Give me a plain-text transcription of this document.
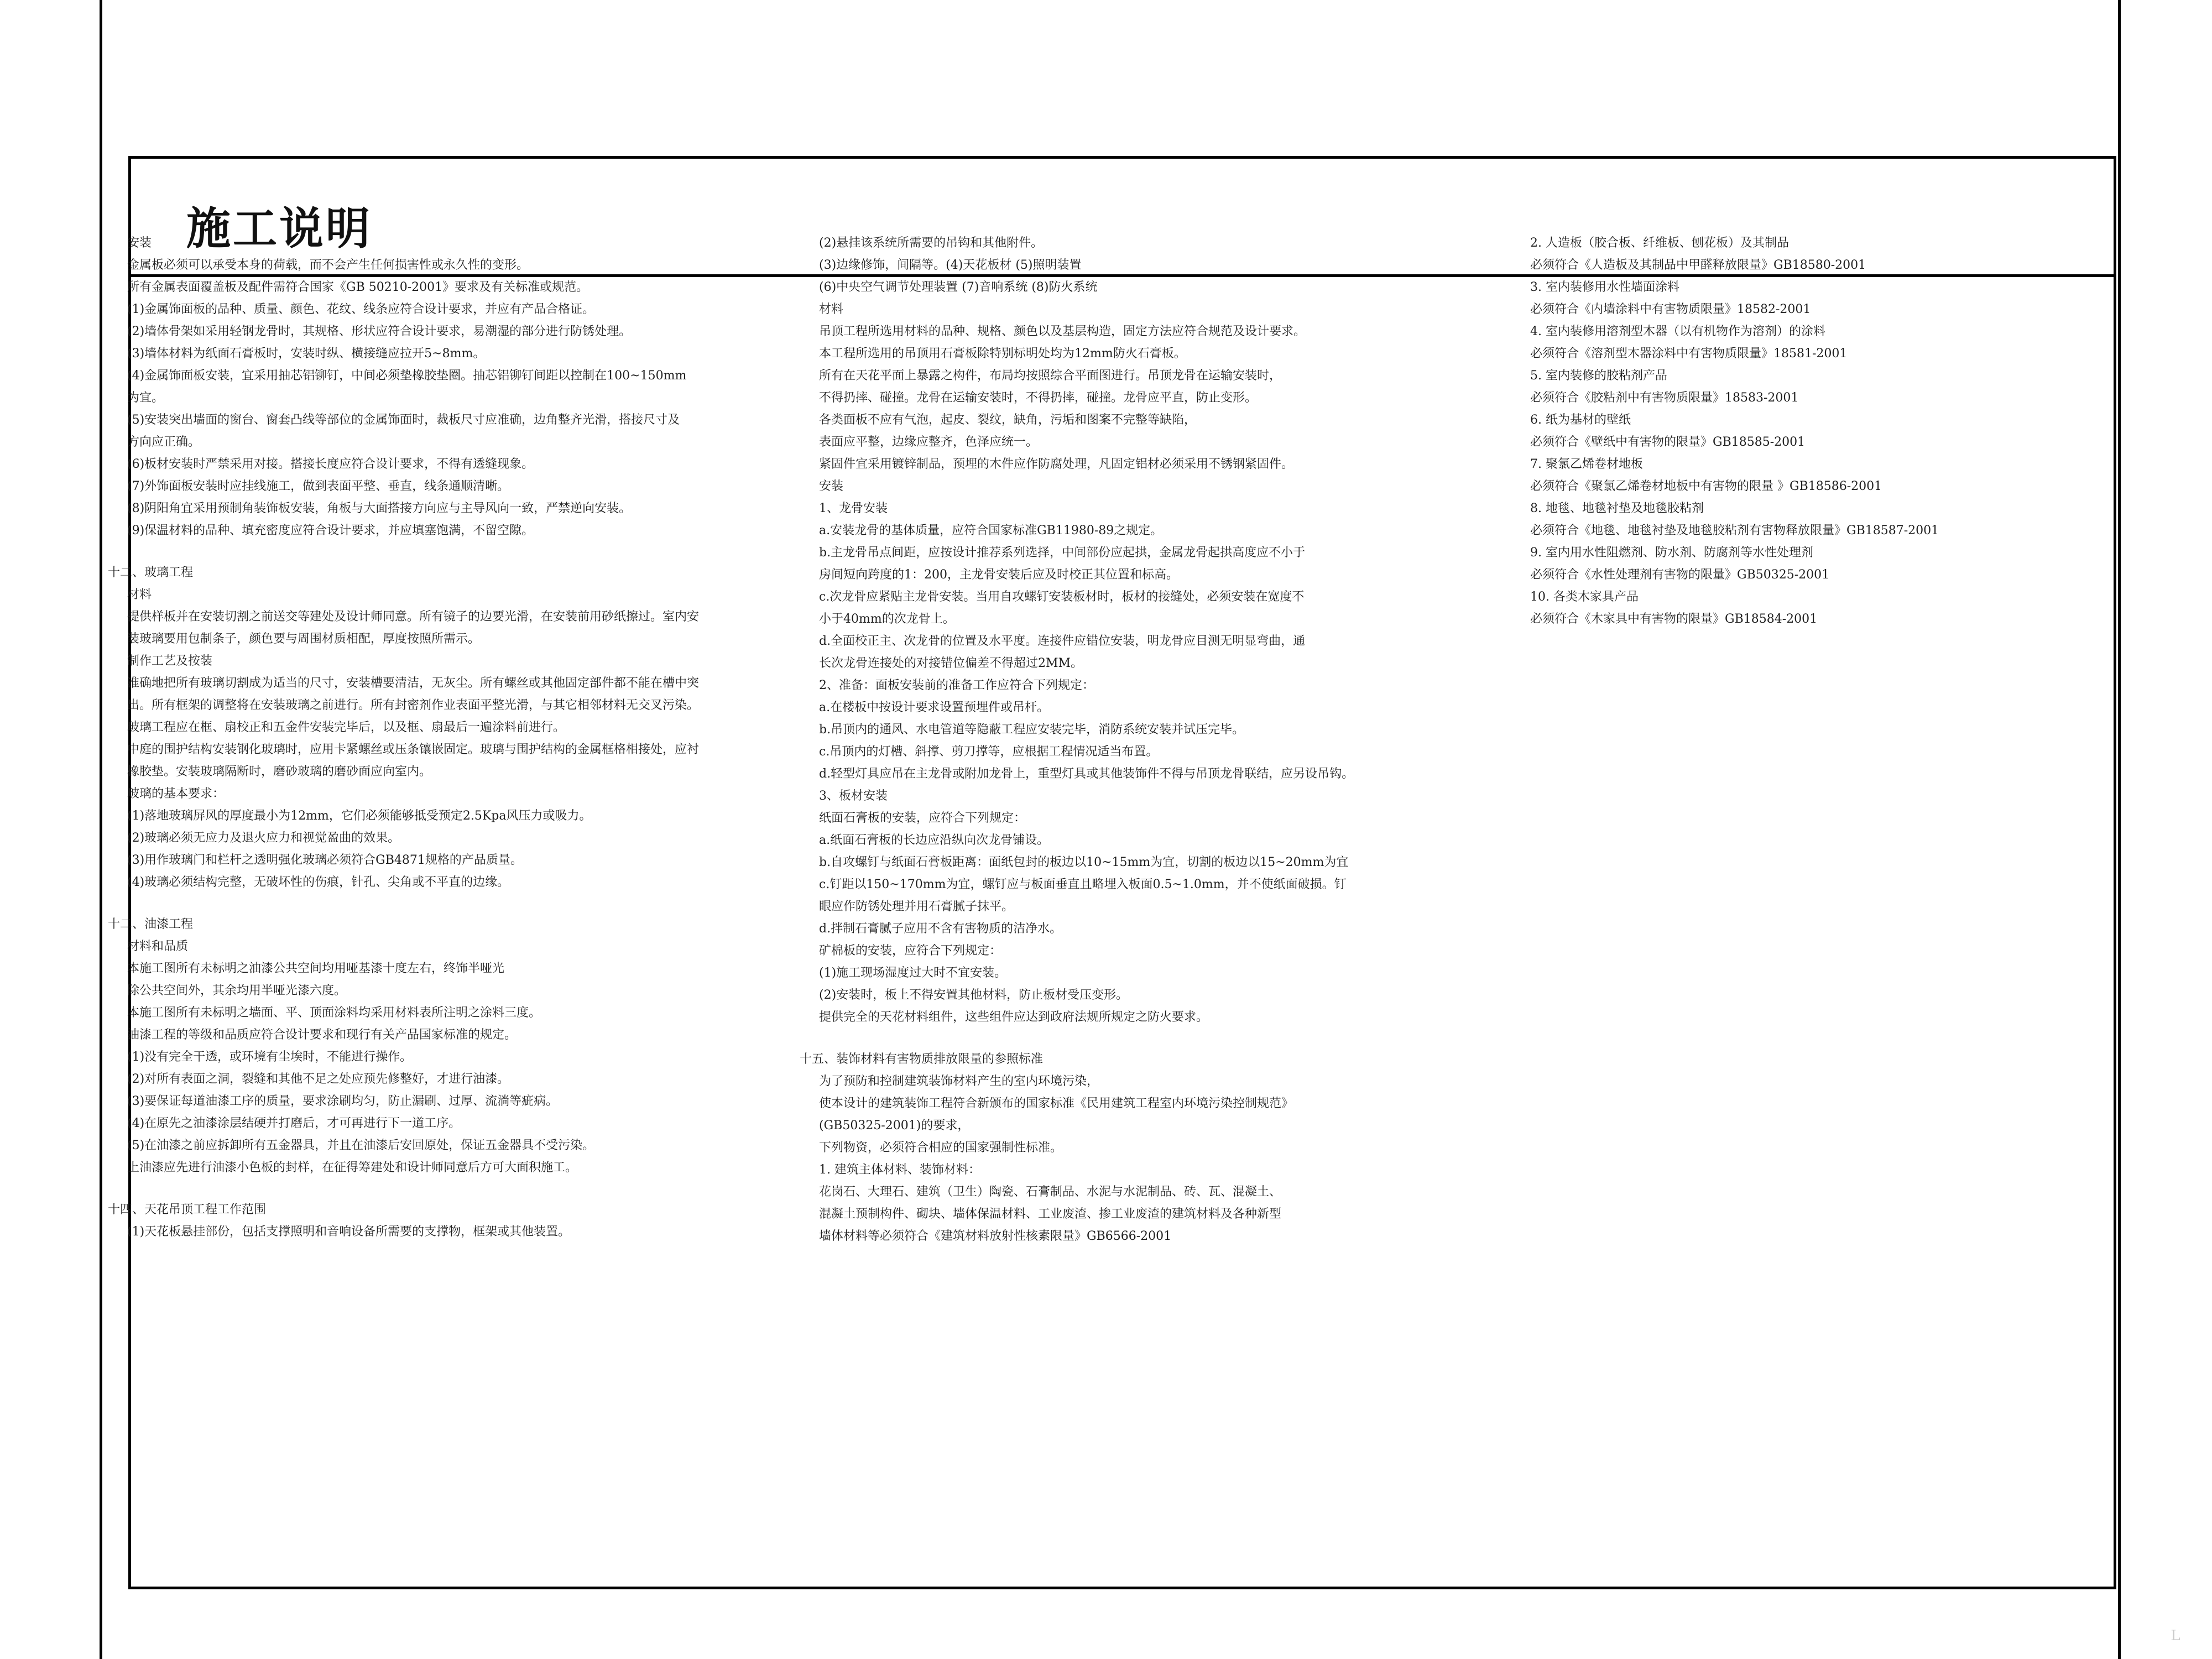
施工说明
安装
金属板必须可以承受本身的荷载，而不会产生任何损害性或永久性的变形。
所有金属表面覆盖板及配件需符合国家《GB 50210-2001》要求及有关标准或规范。
(1)金属饰面板的品种、质量、颜色、花纹、线条应符合设计要求，并应有产品合格证。
(2)墙体骨架如采用轻钢龙骨时，其规格、形状应符合设计要求，易潮湿的部分进行防锈处理。
(3)墙体材料为纸面石膏板时，安装时纵、横接缝应拉开5~8mm。
(4)金属饰面板安装，宜采用抽芯铝铆钉，中间必须垫橡胶垫圈。抽芯铝铆钉间距以控制在100~150mm
为宜。
(5)安装突出墙面的窗台、窗套凸线等部位的金属饰面时，裁板尺寸应准确，边角整齐光滑，搭接尺寸及
方向应正确。
(6)板材安装时严禁采用对接。搭接长度应符合设计要求，不得有透缝现象。
(7)外饰面板安装时应挂线施工，做到表面平整、垂直，线条通顺清晰。
(8)阴阳角宜采用预制角装饰板安装，角板与大面搭接方向应与主导风向一致，严禁逆向安装。
(9)保温材料的品种、填充密度应符合设计要求，并应填塞饱满，不留空隙。
十二、玻璃工程
材料
提供样板并在安装切割之前送交等建处及设计师同意。所有镜子的边要光滑，在安装前用砂纸擦过。室内安
装玻璃要用包制条子，颜色要与周围材质相配，厚度按照所需示。
制作工艺及按装
准确地把所有玻璃切割成为适当的尺寸，安装槽要清洁，无灰尘。所有螺丝或其他固定部件都不能在槽中突
出。所有框架的调整将在安装玻璃之前进行。所有封密剂作业表面平整光滑，与其它相邻材料无交叉污染。
玻璃工程应在框、扇校正和五金件安装完毕后，以及框、扇最后一遍涂料前进行。
中庭的围护结构安装钢化玻璃时，应用卡紧螺丝或压条镶嵌固定。玻璃与围护结构的金属框格相接处，应衬
橡胶垫。安装玻璃隔断时，磨砂玻璃的磨砂面应向室内。
玻璃的基本要求：
(1)落地玻璃屏风的厚度最小为12mm，它们必须能够抵受预定2.5Kpa风压力或吸力。
(2)玻璃必须无应力及退火应力和视觉盈曲的效果。
(3)用作玻璃门和栏杆之透明强化玻璃必须符合GB4871规格的产品质量。
(4)玻璃必须结构完整，无破坏性的伤痕，针孔、尖角或不平直的边缘。
十二、油漆工程
材料和品质
本施工图所有未标明之油漆公共空间均用哑基漆十度左右，终饰半哑光
除公共空间外，其余均用半哑光漆六度。
本施工图所有未标明之墙面、平、顶面涂料均采用材料表所注明之涂料三度。
油漆工程的等级和品质应符合设计要求和现行有关产品国家标准的规定。
(1)没有完全干透，或环境有尘埃时，不能进行操作。
(2)对所有表面之洞，裂缝和其他不足之处应预先修整好，才进行油漆。
(3)要保证每道油漆工序的质量，要求涂刷均匀，防止漏刷、过厚、流淌等疵病。
(4)在原先之油漆涂层结硬并打磨后，才可再进行下一道工序。
(5)在油漆之前应拆卸所有五金器具，并且在油漆后安回原处，保证五金器具不受污染。
上油漆应先进行油漆小色板的封样，在征得筹建处和设计师同意后方可大面积施工。
十四、天花吊顶工程工作范围
(1)天花板悬挂部份，包括支撑照明和音响设备所需要的支撑物，框架或其他装置。
(2)悬挂该系统所需要的吊钩和其他附件。
(3)边缘修饰，间隔等。(4)天花板材 (5)照明装置
(6)中央空气调节处理装置 (7)音响系统 (8)防火系统
材料
吊顶工程所选用材料的品种、规格、颜色以及基层构造，固定方法应符合规范及设计要求。
本工程所选用的吊顶用石膏板除特别标明处均为12mm防火石膏板。
所有在天花平面上暴露之构件，布局均按照综合平面图进行。吊顶龙骨在运输安装时，
不得扔摔、碰撞。龙骨在运输安装时，不得扔摔，碰撞。龙骨应平直，防止变形。
各类面板不应有气泡，起皮、裂纹，缺角，污垢和图案不完整等缺陷，
表面应平整，边缘应整齐，色泽应统一。
紧固件宜采用镀锌制品，预埋的木件应作防腐处理，凡固定铝材必须采用不锈钢紧固件。
安装
1、龙骨安装
a.安装龙骨的基体质量，应符合国家标准GB11980-89之规定。
b.主龙骨吊点间距，应按设计推荐系列选择，中间部份应起拱，金属龙骨起拱高度应不小于
房间短向跨度的1：200，主龙骨安装后应及时校正其位置和标高。
c.次龙骨应紧贴主龙骨安装。当用自攻螺钉安装板材时，板材的接缝处，必须安装在宽度不
小于40mm的次龙骨上。
d.全面校正主、次龙骨的位置及水平度。连接件应错位安装，明龙骨应目测无明显弯曲，通
长次龙骨连接处的对接错位偏差不得超过2MM。
2、准备：面板安装前的准备工作应符合下列规定：
a.在楼板中按设计要求设置预埋件或吊杆。
b.吊顶内的通风、水电管道等隐蔽工程应安装完毕，消防系统安装并试压完毕。
c.吊顶内的灯槽、斜撑、剪刀撑等，应根据工程情况适当布置。
d.轻型灯具应吊在主龙骨或附加龙骨上，重型灯具或其他装饰件不得与吊顶龙骨联结，应另设吊钩。
3、板材安装
纸面石膏板的安装，应符合下列规定：
a.纸面石膏板的长边应沿纵向次龙骨铺设。
b.自攻螺钉与纸面石膏板距离：面纸包封的板边以10~15mm为宜，切割的板边以15~20mm为宜
c.钉距以150~170mm为宜，螺钉应与板面垂直且略埋入板面0.5~1.0mm，并不使纸面破损。钉
眼应作防锈处理并用石膏腻子抹平。
d.拌制石膏腻子应用不含有害物质的洁净水。
矿棉板的安装，应符合下列规定：
(1)施工现场湿度过大时不宜安装。
(2)安装时，板上不得安置其他材料，防止板材受压变形。
提供完全的天花材料组件，这些组件应达到政府法规所规定之防火要求。
十五、装饰材料有害物质排放限量的参照标准
为了预防和控制建筑装饰材料产生的室内环境污染，
使本设计的建筑装饰工程符合新颁布的国家标准《民用建筑工程室内环境污染控制规范》
(GB50325-2001)的要求，
下列物资，必须符合相应的国家强制性标准。
1. 建筑主体材料、装饰材料：
花岗石、大理石、建筑（卫生）陶瓷、石膏制品、水泥与水泥制品、砖、瓦、混凝土、
混凝土预制构件、砌块、墙体保温材料、工业废渣、掺工业废渣的建筑材料及各种新型
墙体材料等必须符合《建筑材料放射性核素限量》GB6566-2001
2. 人造板（胶合板、纤维板、刨花板）及其制品
必须符合《人造板及其制品中甲醛释放限量》GB18580-2001
3. 室内装修用水性墙面涂料
必须符合《内墙涂料中有害物质限量》18582-2001
4. 室内装修用溶剂型木器（以有机物作为溶剂）的涂料
必须符合《溶剂型木器涂料中有害物质限量》18581-2001
5. 室内装修的胶粘剂产品
必须符合《胶粘剂中有害物质限量》18583-2001
6. 纸为基材的壁纸
必须符合《壁纸中有害物的限量》GB18585-2001
7. 聚氯乙烯卷材地板
必须符合《聚氯乙烯卷材地板中有害物的限量 》GB18586-2001
8. 地毯、地毯衬垫及地毯胶粘剂
必须符合《地毯、地毯衬垫及地毯胶粘剂有害物释放限量》GB18587-2001
9. 室内用水性阻燃剂、防水剂、防腐剂等水性处理剂
必须符合《水性处理剂有害物的限量》GB50325-2001
10. 各类木家具产品
必须符合《木家具中有害物的限量》GB18584-2001
L
